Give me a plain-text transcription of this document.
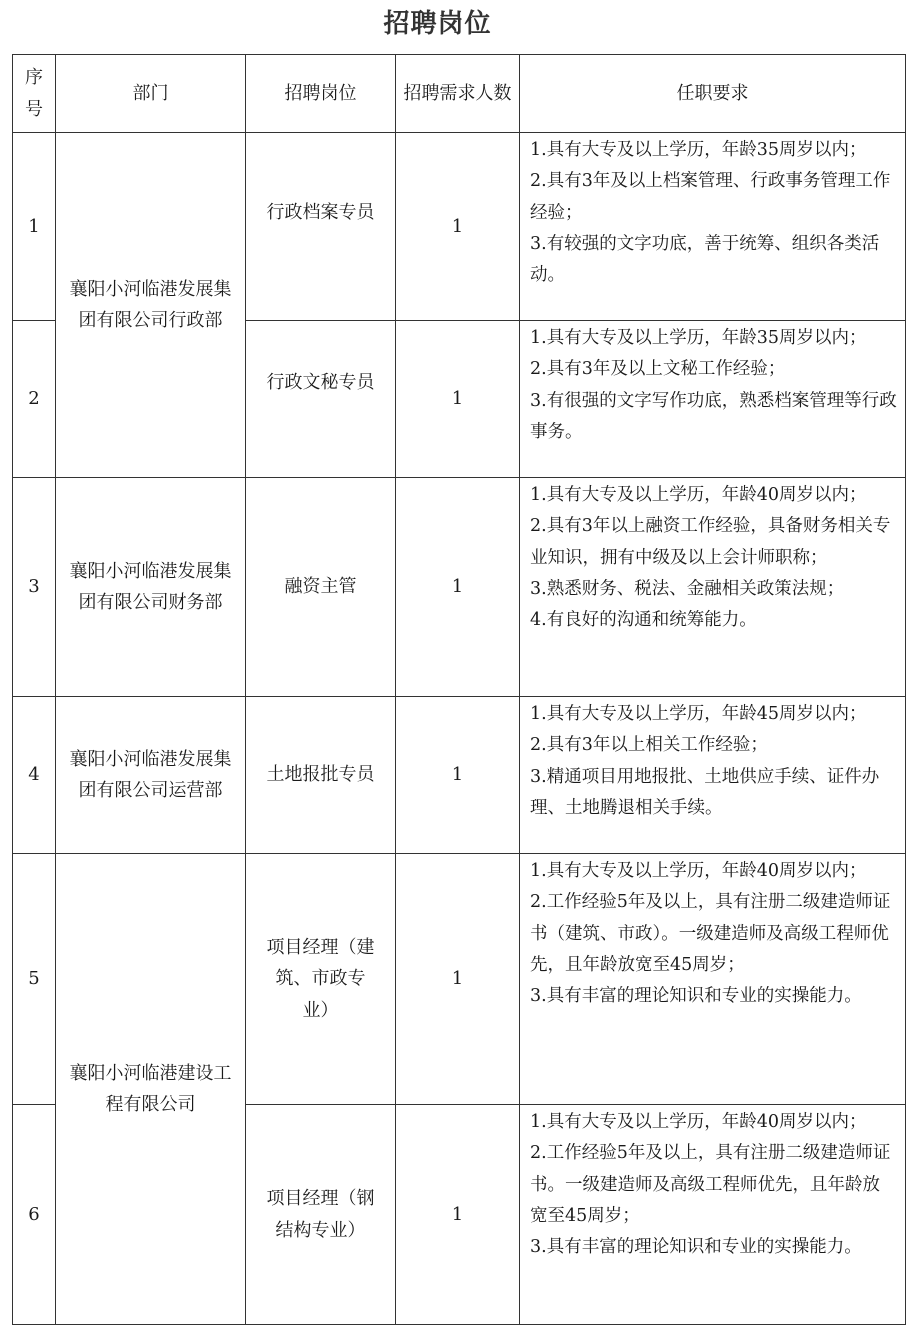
招聘岗位
序号	部门	招聘岗位	招聘需求人数	任职要求
1	襄阳小河临港发展集团有限公司行政部	行政档案专员	1	1.具有大专及以上学历，年龄35周岁以内；
2.具有3年及以上档案管理、行政事务管理工作经验；
3.有较强的文字功底，善于统筹、组织各类活动。

2		行政文秘专员	1	1.具有大专及以上学历，年龄35周岁以内；
2.具有3年及以上文秘工作经验；
3.有很强的文字写作功底，熟悉档案管理等行政事务。

3	襄阳小河临港发展集团有限公司财务部	融资主管	1	1.具有大专及以上学历，年龄40周岁以内；
2.具有3年以上融资工作经验，具备财务相关专业知识，拥有中级及以上会计师职称；
3.熟悉财务、税法、金融相关政策法规；
4.有良好的沟通和统筹能力。

4	襄阳小河临港发展集团有限公司运营部	土地报批专员	1	1.具有大专及以上学历，年龄45周岁以内；
2.具有3年以上相关工作经验；
3.精通项目用地报批、土地供应手续、证件办理、土地腾退相关手续。

5	襄阳小河临港建设工程有限公司	项目经理（建筑、市政专业）	1	1.具有大专及以上学历，年龄40周岁以内；
2.工作经验5年及以上，具有注册二级建造师证书（建筑、市政）。一级建造师及高级工程师优先，且年龄放宽至45周岁；
3.具有丰富的理论知识和专业的实操能力。

6		项目经理（钢结构专业）	1	1.具有大专及以上学历，年龄40周岁以内；
2.工作经验5年及以上，具有注册二级建造师证书。一级建造师及高级工程师优先，且年龄放宽至45周岁；
3.具有丰富的理论知识和专业的实操能力。
